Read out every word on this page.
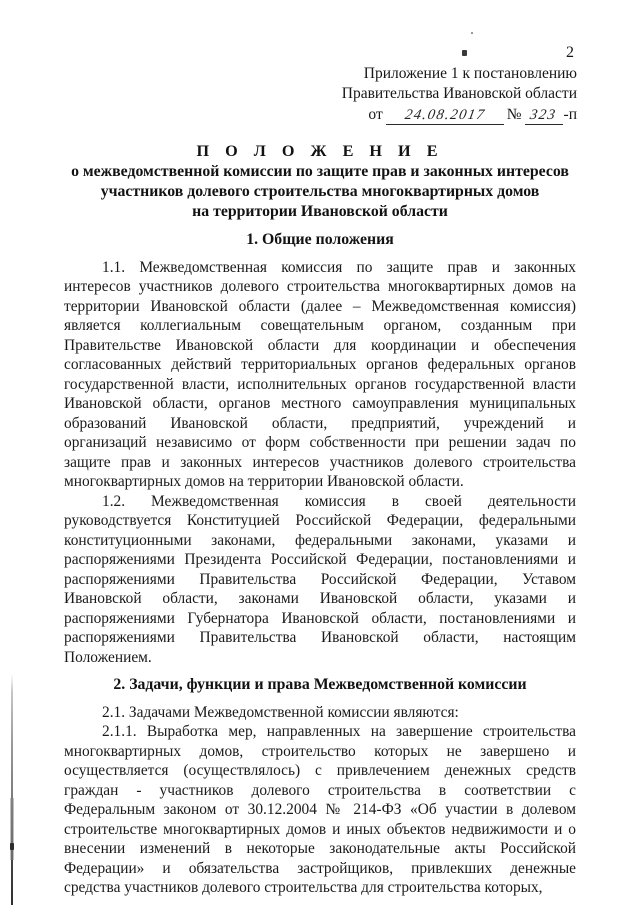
2
Приложение 1 к постановлению
Правительства Ивановской области
от 24.08.2017 № 323 -п
П О Л О Ж Е Н И Е
о межведомственной комиссии по защите прав и законных интересов
участников долевого строительства многоквартирных домов
на территории Ивановской области
1. Общие положения
1.1. Межведомственная комиссия по защите прав и законных
интересов участников долевого строительства многоквартирных домов на
территории Ивановской области (далее – Межведомственная комиссия)
является коллегиальным совещательным органом, созданным при
Правительстве Ивановской области для координации и обеспечения
согласованных действий территориальных органов федеральных органов
государственной власти, исполнительных органов государственной власти
Ивановской области, органов местного самоуправления муниципальных
образований Ивановской области, предприятий, учреждений и
организаций независимо от форм собственности при решении задач по
защите прав и законных интересов участников долевого строительства
многоквартирных домов на территории Ивановской области.
1.2. Межведомственная комиссия в своей деятельности
руководствуется Конституцией Российской Федерации, федеральными
конституционными законами, федеральными законами, указами и
распоряжениями Президента Российской Федерации, постановлениями и
распоряжениями Правительства Российской Федерации, Уставом
Ивановской области, законами Ивановской области, указами и
распоряжениями Губернатора Ивановской области, постановлениями и
распоряжениями Правительства Ивановской области, настоящим
Положением.
2. Задачи, функции и права Межведомственной комиссии
2.1. Задачами Межведомственной комиссии являются:
2.1.1. Выработка мер, направленных на завершение строительства
многоквартирных домов, строительство которых не завершено и
осуществляется (осуществлялось) с привлечением денежных средств
граждан - участников долевого строительства в соответствии с
Федеральным законом от 30.12.2004 № 214-ФЗ «Об участии в долевом
строительстве многоквартирных домов и иных объектов недвижимости и о
внесении изменений в некоторые законодательные акты Российской
Федерации» и обязательства застройщиков, привлекших денежные
средства участников долевого строительства для строительства которых,
